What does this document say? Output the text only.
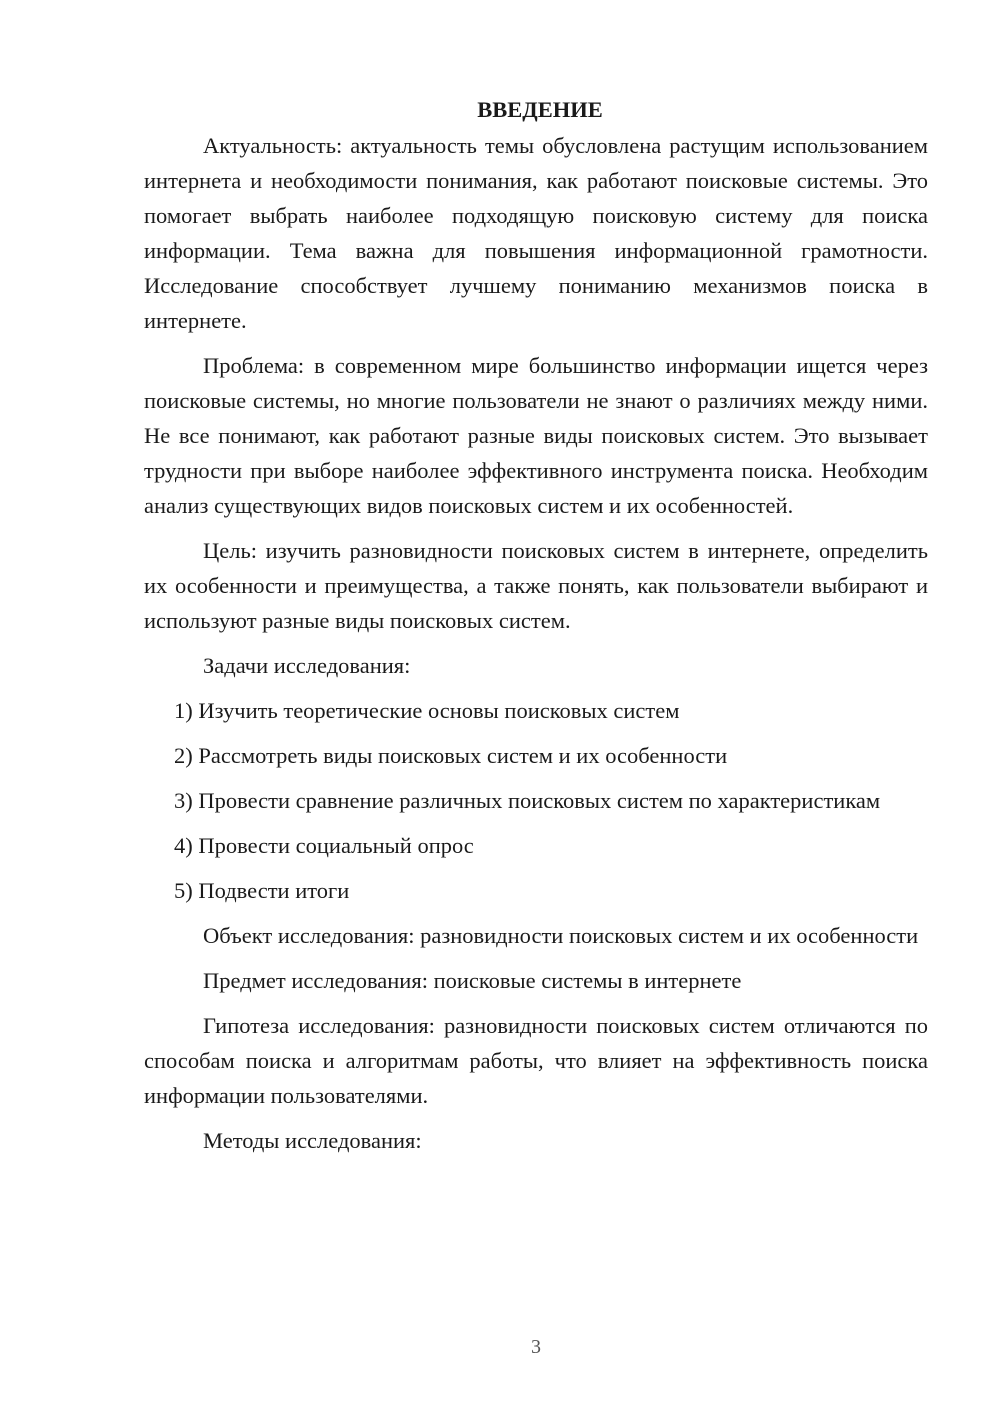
ВВЕДЕНИЕ

Актуальность: актуальность темы обусловлена растущим использованием интернета и необходимости понимания, как работают поисковые системы. Это помогает выбрать наиболее подходящую поисковую систему для поиска информации. Тема важна для повышения информационной грамотности. Исследование способствует лучшему пониманию механизмов поиска в интернете.

Проблема: в современном мире большинство информации ищется через поисковые системы, но многие пользователи не знают о различиях между ними. Не все понимают, как работают разные виды поисковых систем. Это вызывает трудности при выборе наиболее эффективного инструмента поиска. Необходим анализ существующих видов поисковых систем и их особенностей.

Цель: изучить разновидности поисковых систем в интернете, определить их особенности и преимущества, а также понять, как пользователи выбирают и используют разные виды поисковых систем.

Задачи исследования:

1) Изучить теоретические основы поисковых систем

2) Рассмотреть виды поисковых систем и их особенности

3) Провести сравнение различных поисковых систем по характеристикам

4) Провести социальный опрос

5) Подвести итоги

Объект исследования: разновидности поисковых систем и их особенности

Предмет исследования: поисковые системы в интернете

Гипотеза исследования: разновидности поисковых систем отличаются по способам поиска и алгоритмам работы, что влияет на эффективность поиска информации пользователями.

Методы исследования:

3
